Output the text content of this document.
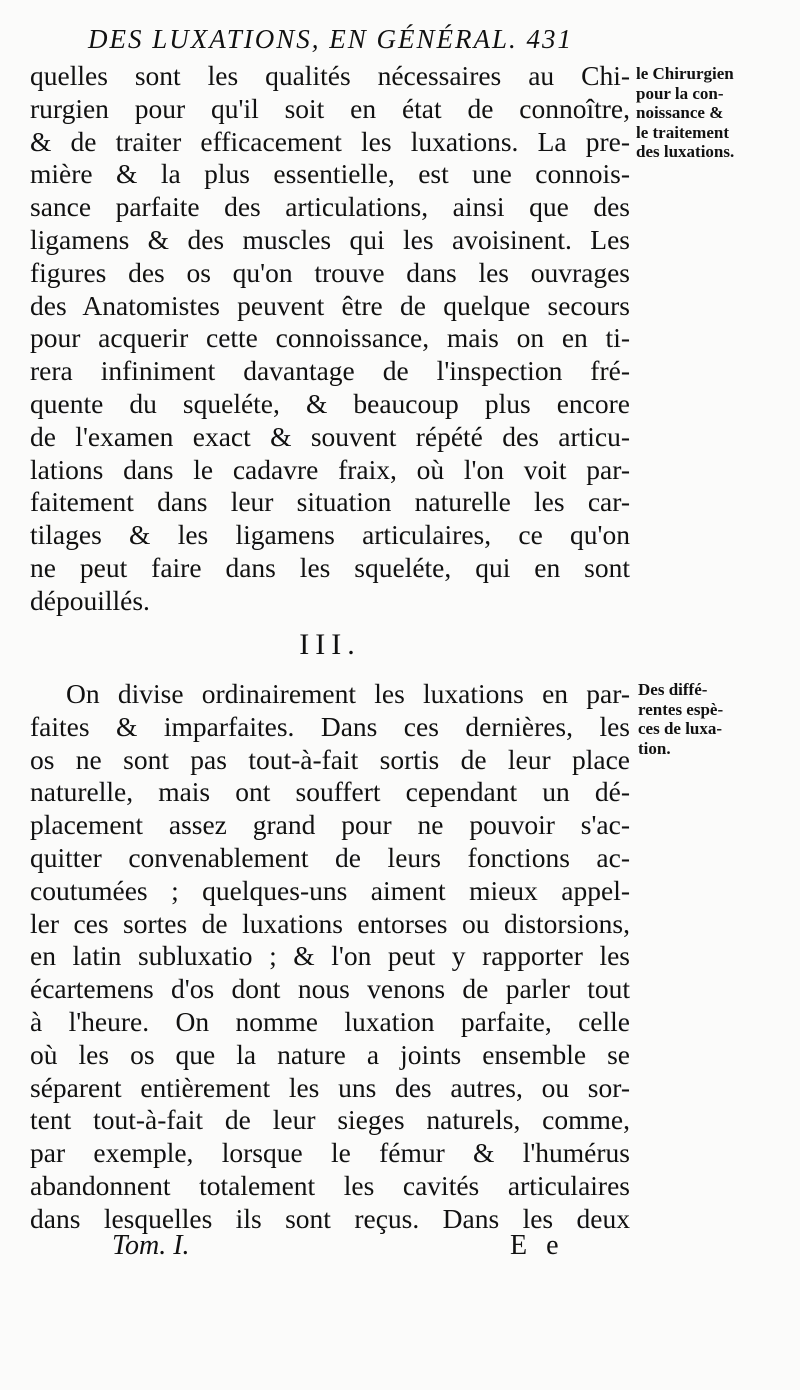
DES LUXATIONS, EN GÉNÉRAL. 431
quelles sont les qualités nécessaires au Chi-
rurgien pour qu'il soit en état de connoître,
& de traiter efficacement les luxations. La pre-
mière & la plus essentielle, est une connois-
sance parfaite des articulations, ainsi que des
ligamens & des muscles qui les avoisinent. Les
figures des os qu'on trouve dans les ouvrages
des Anatomistes peuvent être de quelque secours
pour acquerir cette connoissance, mais on en ti-
rera infiniment davantage de l'inspection fré-
quente du squeléte, & beaucoup plus encore
de l'examen exact & souvent répété des articu-
lations dans le cadavre fraix, où l'on voit par-
faitement dans leur situation naturelle les car-
tilages & les ligamens articulaires, ce qu'on
ne peut faire dans les squeléte, qui en sont
dépouillés.
le Chirurgien
pour la con-
noissance &
le traitement
des luxations.
III.
On divise ordinairement les luxations en par-
faites & imparfaites. Dans ces dernières, les
os ne sont pas tout-à-fait sortis de leur place
naturelle, mais ont souffert cependant un dé-
placement assez grand pour ne pouvoir s'ac-
quitter convenablement de leurs fonctions ac-
coutumées ; quelques-uns aiment mieux appel-
ler ces sortes de luxations entorses ou distorsions,
en latin subluxatio ; & l'on peut y rapporter les
écartemens d'os dont nous venons de parler tout
à l'heure. On nomme luxation parfaite, celle
où les os que la nature a joints ensemble se
séparent entièrement les uns des autres, ou sor-
tent tout-à-fait de leur sieges naturels, comme,
par exemple, lorsque le fémur & l'humérus
abandonnent totalement les cavités articulaires
dans lesquelles ils sont reçus. Dans les deux
Des diffé-
rentes espè-
ces de luxa-
tion.
Tom. I.	E e
